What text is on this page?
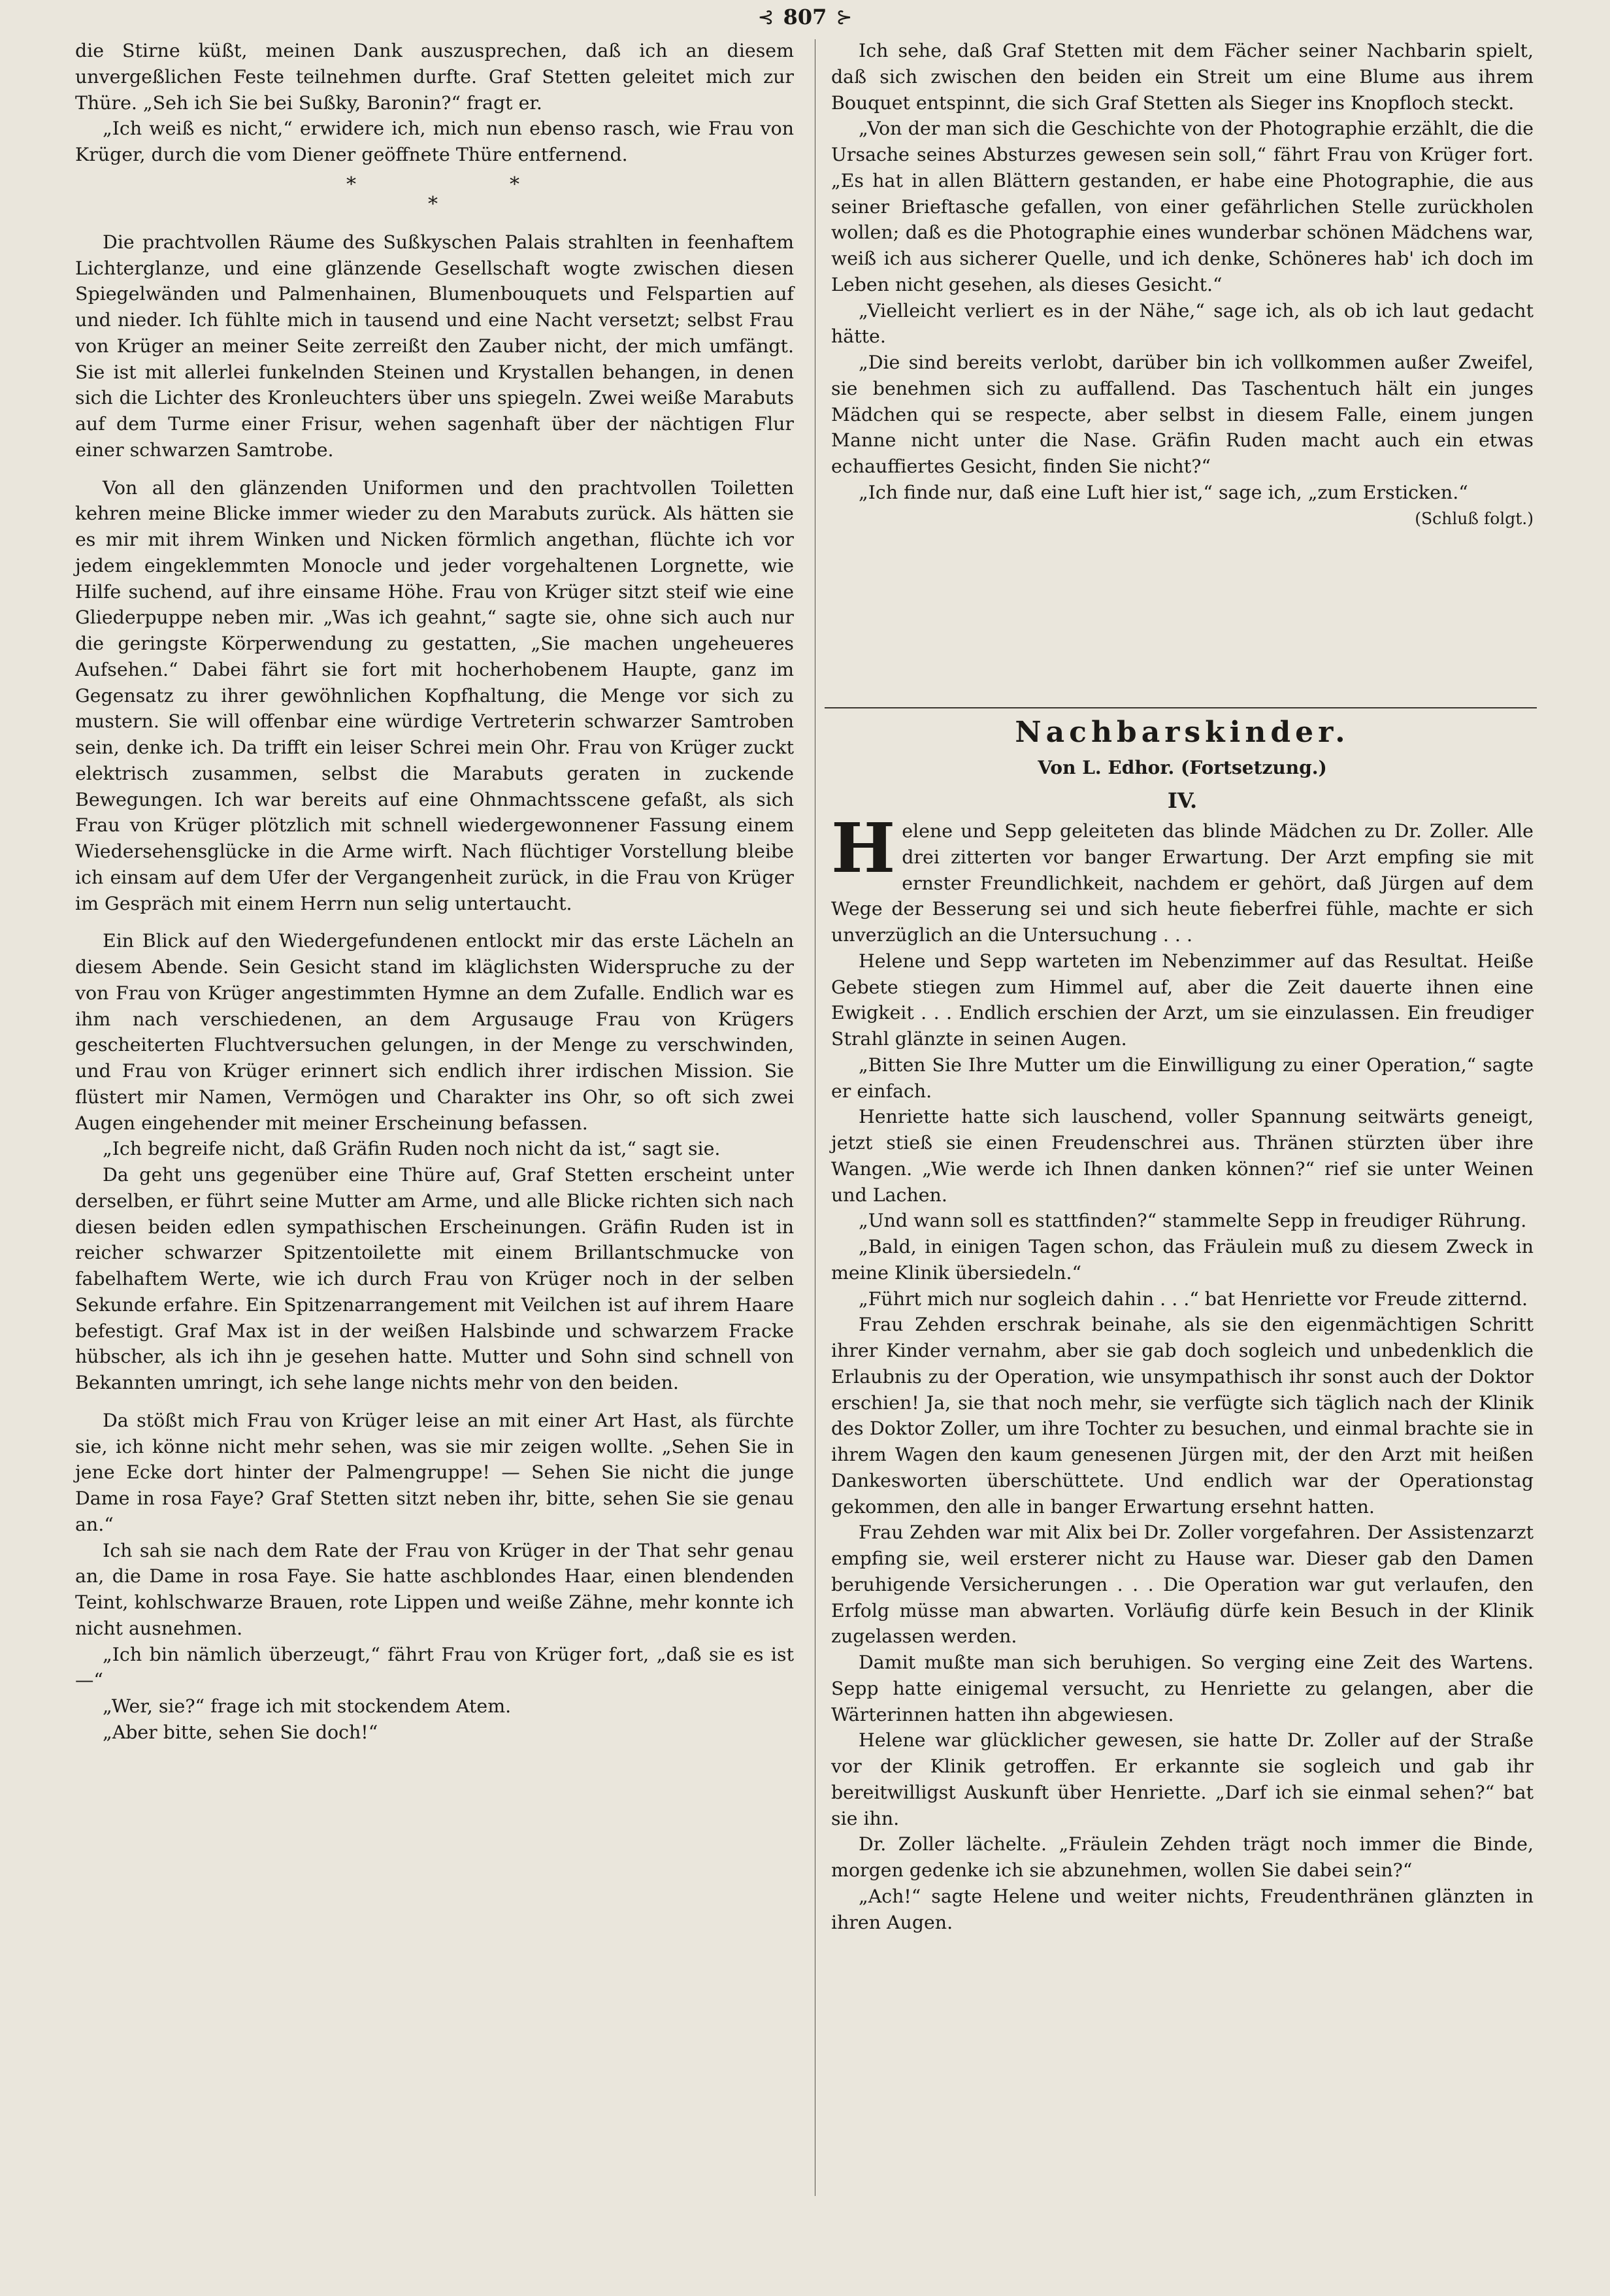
⊰ 807 ⊱

die Stirne küßt, meinen Dank auszusprechen, daß ich an diesem unvergeßlichen Feste teilnehmen durfte. Graf Stetten geleitet mich zur Thüre. „Seh ich Sie bei Sußky, Baronin?“ fragt er.

„Ich weiß es nicht,“ erwidere ich, mich nun ebenso rasch, wie Frau von Krüger, durch die vom Diener geöffnete Thüre entfernend.

*
*
*

Die prachtvollen Räume des Sußkyschen Palais strahlten in feenhaftem Lichterglanze, und eine glänzende Gesellschaft wogte zwischen diesen Spiegelwänden und Palmenhainen, Blumenbouquets und Felspartien auf und nieder. Ich fühlte mich in tausend und eine Nacht versetzt; selbst Frau von Krüger an meiner Seite zerreißt den Zauber nicht, der mich umfängt. Sie ist mit allerlei funkelnden Steinen und Krystallen behangen, in denen sich die Lichter des Kronleuchters über uns spiegeln. Zwei weiße Marabuts auf dem Turme einer Frisur, wehen sagenhaft über der nächtigen Flur einer schwarzen Samtrobe.

Von all den glänzenden Uniformen und den prachtvollen Toiletten kehren meine Blicke immer wieder zu den Marabuts zurück. Als hätten sie es mir mit ihrem Winken und Nicken förmlich angethan, flüchte ich vor jedem eingeklemmten Monocle und jeder vorgehaltenen Lorgnette, wie Hilfe suchend, auf ihre einsame Höhe. Frau von Krüger sitzt steif wie eine Gliederpuppe neben mir. „Was ich geahnt,“ sagte sie, ohne sich auch nur die geringste Körperwendung zu gestatten, „Sie machen ungeheueres Aufsehen.“ Dabei fährt sie fort mit hocherhobenem Haupte, ganz im Gegensatz zu ihrer gewöhnlichen Kopfhaltung, die Menge vor sich zu mustern. Sie will offenbar eine würdige Vertreterin schwarzer Samtroben sein, denke ich. Da trifft ein leiser Schrei mein Ohr. Frau von Krüger zuckt elektrisch zusammen, selbst die Marabuts geraten in zuckende Bewegungen. Ich war bereits auf eine Ohnmachtsscene gefaßt, als sich Frau von Krüger plötzlich mit schnell wiedergewonnener Fassung einem Wiedersehensglücke in die Arme wirft. Nach flüchtiger Vorstellung bleibe ich einsam auf dem Ufer der Vergangenheit zurück, in die Frau von Krüger im Gespräch mit einem Herrn nun selig untertaucht.

Ein Blick auf den Wiedergefundenen entlockt mir das erste Lächeln an diesem Abende. Sein Gesicht stand im kläglichsten Widerspruche zu der von Frau von Krüger angestimmten Hymne an dem Zufalle. Endlich war es ihm nach verschiedenen, an dem Argusauge Frau von Krügers gescheiterten Fluchtversuchen gelungen, in der Menge zu verschwinden, und Frau von Krüger erinnert sich endlich ihrer irdischen Mission. Sie flüstert mir Namen, Vermögen und Charakter ins Ohr, so oft sich zwei Augen eingehender mit meiner Erscheinung befassen.

„Ich begreife nicht, daß Gräfin Ruden noch nicht da ist,“ sagt sie.

Da geht uns gegenüber eine Thüre auf, Graf Stetten erscheint unter derselben, er führt seine Mutter am Arme, und alle Blicke richten sich nach diesen beiden edlen sympathischen Erscheinungen. Gräfin Ruden ist in reicher schwarzer Spitzentoilette mit einem Brillantschmucke von fabelhaftem Werte, wie ich durch Frau von Krüger noch in der selben Sekunde erfahre. Ein Spitzenarrangement mit Veilchen ist auf ihrem Haare befestigt. Graf Max ist in der weißen Halsbinde und schwarzem Fracke hübscher, als ich ihn je gesehen hatte. Mutter und Sohn sind schnell von Bekannten umringt, ich sehe lange nichts mehr von den beiden.

Da stößt mich Frau von Krüger leise an mit einer Art Hast, als fürchte sie, ich könne nicht mehr sehen, was sie mir zeigen wollte. „Sehen Sie in jene Ecke dort hinter der Palmengruppe! — Sehen Sie nicht die junge Dame in rosa Faye? Graf Stetten sitzt neben ihr, bitte, sehen Sie sie genau an.“

Ich sah sie nach dem Rate der Frau von Krüger in der That sehr genau an, die Dame in rosa Faye. Sie hatte aschblondes Haar, einen blendenden Teint, kohlschwarze Brauen, rote Lippen und weiße Zähne, mehr konnte ich nicht ausnehmen.

„Ich bin nämlich überzeugt,“ fährt Frau von Krüger fort, „daß sie es ist —“

„Wer, sie?“ frage ich mit stockendem Atem.

„Aber bitte, sehen Sie doch!“

Ich sehe, daß Graf Stetten mit dem Fächer seiner Nachbarin spielt, daß sich zwischen den beiden ein Streit um eine Blume aus ihrem Bouquet entspinnt, die sich Graf Stetten als Sieger ins Knopfloch steckt.

„Von der man sich die Geschichte von der Photographie erzählt, die die Ursache seines Absturzes gewesen sein soll,“ fährt Frau von Krüger fort. „Es hat in allen Blättern gestanden, er habe eine Photographie, die aus seiner Brieftasche gefallen, von einer gefährlichen Stelle zurückholen wollen; daß es die Photographie eines wunderbar schönen Mädchens war, weiß ich aus sicherer Quelle, und ich denke, Schöneres hab' ich doch im Leben nicht gesehen, als dieses Gesicht.“

„Vielleicht verliert es in der Nähe,“ sage ich, als ob ich laut gedacht hätte.

„Die sind bereits verlobt, darüber bin ich vollkommen außer Zweifel, sie benehmen sich zu auffallend. Das Taschentuch hält ein junges Mädchen qui se respecte, aber selbst in diesem Falle, einem jungen Manne nicht unter die Nase. Gräfin Ruden macht auch ein etwas echauffiertes Gesicht, finden Sie nicht?“

„Ich finde nur, daß eine Luft hier ist,“ sage ich, „zum Ersticken.“

(Schluß folgt.)
Nachbarskinder.
Von L. Edhor. (Fortsetzung.)
IV.

Helene und Sepp geleiteten das blinde Mädchen zu Dr. Zoller. Alle drei zitterten vor banger Erwartung. Der Arzt empfing sie mit ernster Freundlichkeit, nachdem er gehört, daß Jürgen auf dem Wege der Besserung sei und sich heute fieberfrei fühle, machte er sich unverzüglich an die Untersuchung . . .

Helene und Sepp warteten im Nebenzimmer auf das Resultat. Heiße Gebete stiegen zum Himmel auf, aber die Zeit dauerte ihnen eine Ewigkeit . . . Endlich erschien der Arzt, um sie einzulassen. Ein freudiger Strahl glänzte in seinen Augen.

„Bitten Sie Ihre Mutter um die Einwilligung zu einer Operation,“ sagte er einfach.

Henriette hatte sich lauschend, voller Spannung seitwärts geneigt, jetzt stieß sie einen Freudenschrei aus. Thränen stürzten über ihre Wangen. „Wie werde ich Ihnen danken können?“ rief sie unter Weinen und Lachen.

„Und wann soll es stattfinden?“ stammelte Sepp in freudiger Rührung.

„Bald, in einigen Tagen schon, das Fräulein muß zu diesem Zweck in meine Klinik übersiedeln.“

„Führt mich nur sogleich dahin . . .“ bat Henriette vor Freude zitternd.

Frau Zehden erschrak beinahe, als sie den eigenmächtigen Schritt ihrer Kinder vernahm, aber sie gab doch sogleich und unbedenklich die Erlaubnis zu der Operation, wie unsympathisch ihr sonst auch der Doktor erschien! Ja, sie that noch mehr, sie verfügte sich täglich nach der Klinik des Doktor Zoller, um ihre Tochter zu besuchen, und einmal brachte sie in ihrem Wagen den kaum genesenen Jürgen mit, der den Arzt mit heißen Dankesworten überschüttete. Und endlich war der Operationstag gekommen, den alle in banger Erwartung ersehnt hatten.

Frau Zehden war mit Alix bei Dr. Zoller vorgefahren. Der Assistenzarzt empfing sie, weil ersterer nicht zu Hause war. Dieser gab den Damen beruhigende Versicherungen . . . Die Operation war gut verlaufen, den Erfolg müsse man abwarten. Vorläufig dürfe kein Besuch in der Klinik zugelassen werden.

Damit mußte man sich beruhigen. So verging eine Zeit des Wartens. Sepp hatte einigemal versucht, zu Henriette zu gelangen, aber die Wärterinnen hatten ihn abgewiesen.

Helene war glücklicher gewesen, sie hatte Dr. Zoller auf der Straße vor der Klinik getroffen. Er erkannte sie sogleich und gab ihr bereitwilligst Auskunft über Henriette. „Darf ich sie einmal sehen?“ bat sie ihn.

Dr. Zoller lächelte. „Fräulein Zehden trägt noch immer die Binde, morgen gedenke ich sie abzunehmen, wollen Sie dabei sein?“

„Ach!“ sagte Helene und weiter nichts, Freudenthränen glänzten in ihren Augen.
